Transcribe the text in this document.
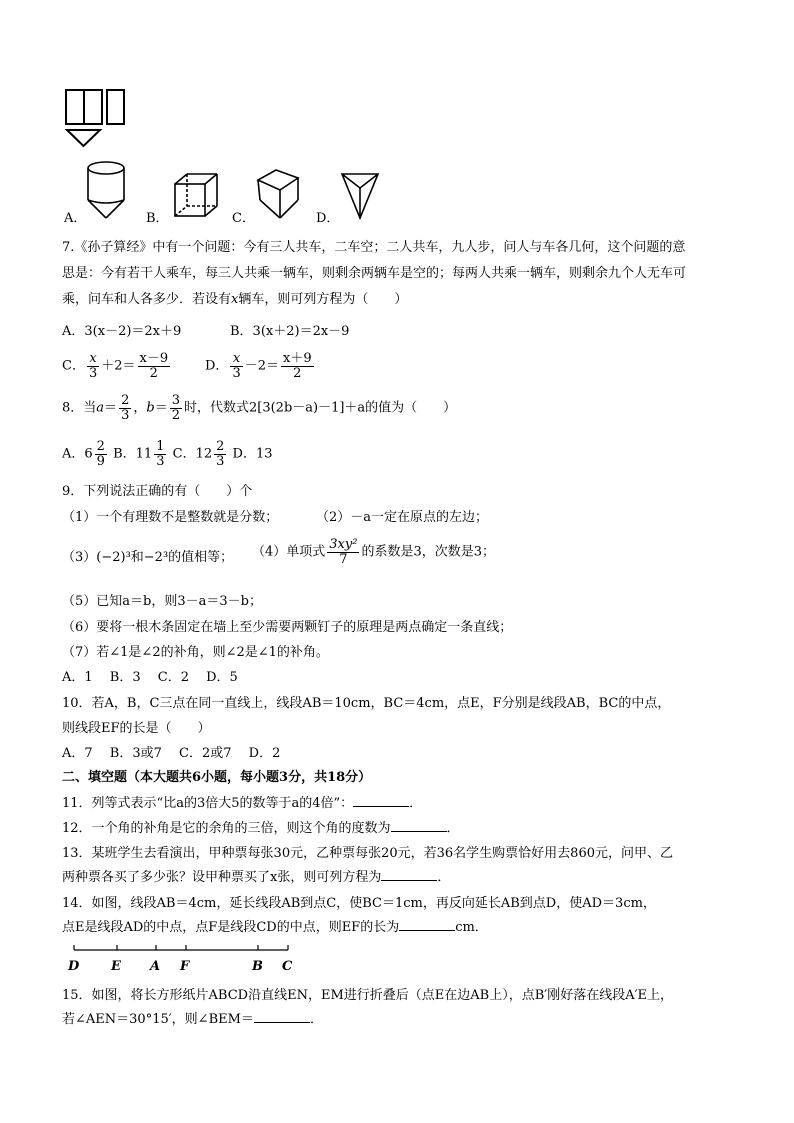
A．	B．	C．	D．
7.《孙子算经》中有一个问题：今有三人共车，二车空；二人共车，九人步，问人与车各几何，这个问题的意
思是：今有若干人乘车，每三人共乘一辆车，则剩余两辆车是空的；每两人共乘一辆车，则剩余九个人无车可
乘，问车和人各多少．若设有x辆车，则可列方程为（　　）
A．3(x－2)＝2x＋9	B．3(x＋2)＝2x－9
C． $\frac{x}{3} +2= \frac{x-9}{2}$	D． $\frac{x}{3} -2= \frac{x+9}{2}$
8．当$a= \frac{2}{3}$ ，$b= \frac{3}{2}$ 时，代数式2[3(2b－a)－1]＋a的值为（　　）
A．$6 \frac{2}{9}$ B．$11 \frac{1}{3}$ C．$12 \frac{2}{3}$ D．13
9．下列说法正确的有（　　）个
（1）一个有理数不是整数就是分数；	（2）－a一定在原点的左边；
（3）(−2)³和−2³的值相等； （4）单项式 $\frac{\text{3xy²}}{7}$ 的系数是3，次数是3；
（5）已知a＝b，则3－a＝3－b；
（6）要将一根木条固定在墙上至少需要两颗钉子的原理是两点确定一条直线；
（7）若∠1是∠2的补角，则∠2是∠1的补角。
A．1　 B．3　 C．2　 D．5
10．若A，B，C三点在同一直线上，线段AB＝10cm，BC＝4cm，点E，F分别是线段AB，BC的中点，
则线段EF的长是（　　）
A．7　 B．3或7　 C．2或7　 D．2
二、填空题（本大题共6小题，每小题3分，共18分）
11．列等式表示“比a的3倍大5的数等于a的4倍”：	．
12．一个角的补角是它的余角的三倍，则这个角的度数为	．
13．某班学生去看演出，甲种票每张30元，乙种票每张20元，若36名学生购票恰好用去860元，问甲、乙
两种票各买了多少张？设甲种票买了x张，则可列方程为	．
14．如图，线段AB＝4cm，延长线段AB到点C，使BC＝1cm，再反向延长AB到点D，使AD＝3cm，
点E是线段AD的中点，点F是线段CD的中点，则EF的长为	cm．
D E A F	B C
15．如图，将长方形纸片ABCD沿直线EN，EM进行折叠后（点E在边AB上），点B′刚好落在线段A′E上，
若∠AEN＝30°15′，则∠BEM＝	．
